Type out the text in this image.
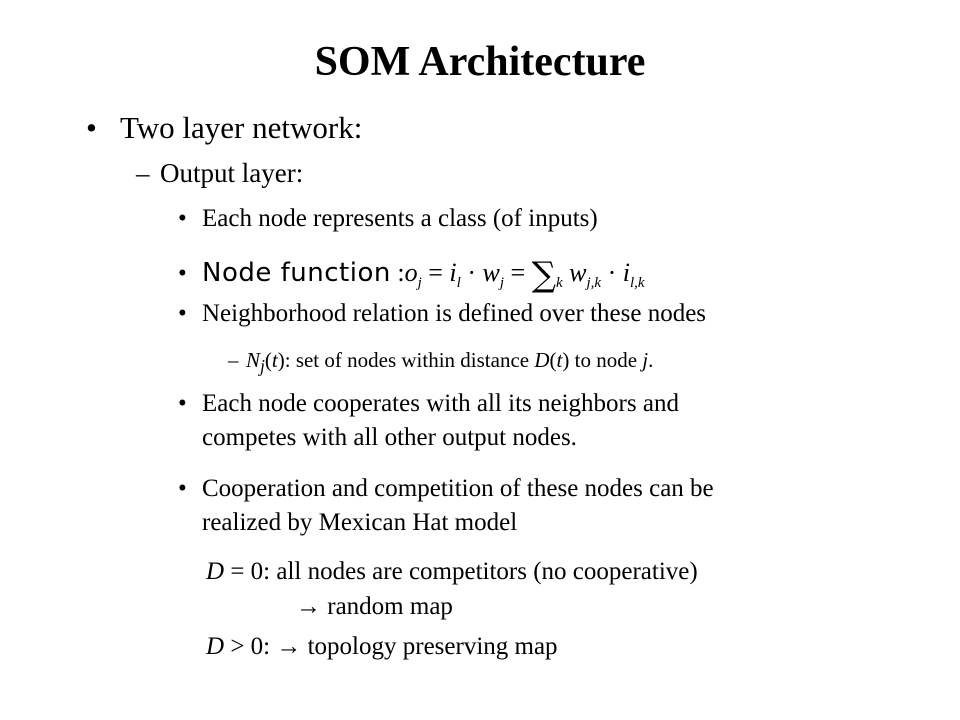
SOM Architecture
• Two layer network:
– Output layer:
• Each node represents a class (of inputs)
• Node function $:o_j = i_l \cdot w_j = \sum_k$ $w_{j,k} \cdot i_{l,k}$
• Neighborhood relation is defined over these nodes
– $N_j(t)$: set of nodes within distance D(t) to node j.
• Each node cooperates with all its neighbors and
competes with all other output nodes.
• Cooperation and competition of these nodes can be
realized by Mexican Hat model
D = 0: all nodes are competitors (no cooperative)
→ random map
D > 0: → topology preserving map
